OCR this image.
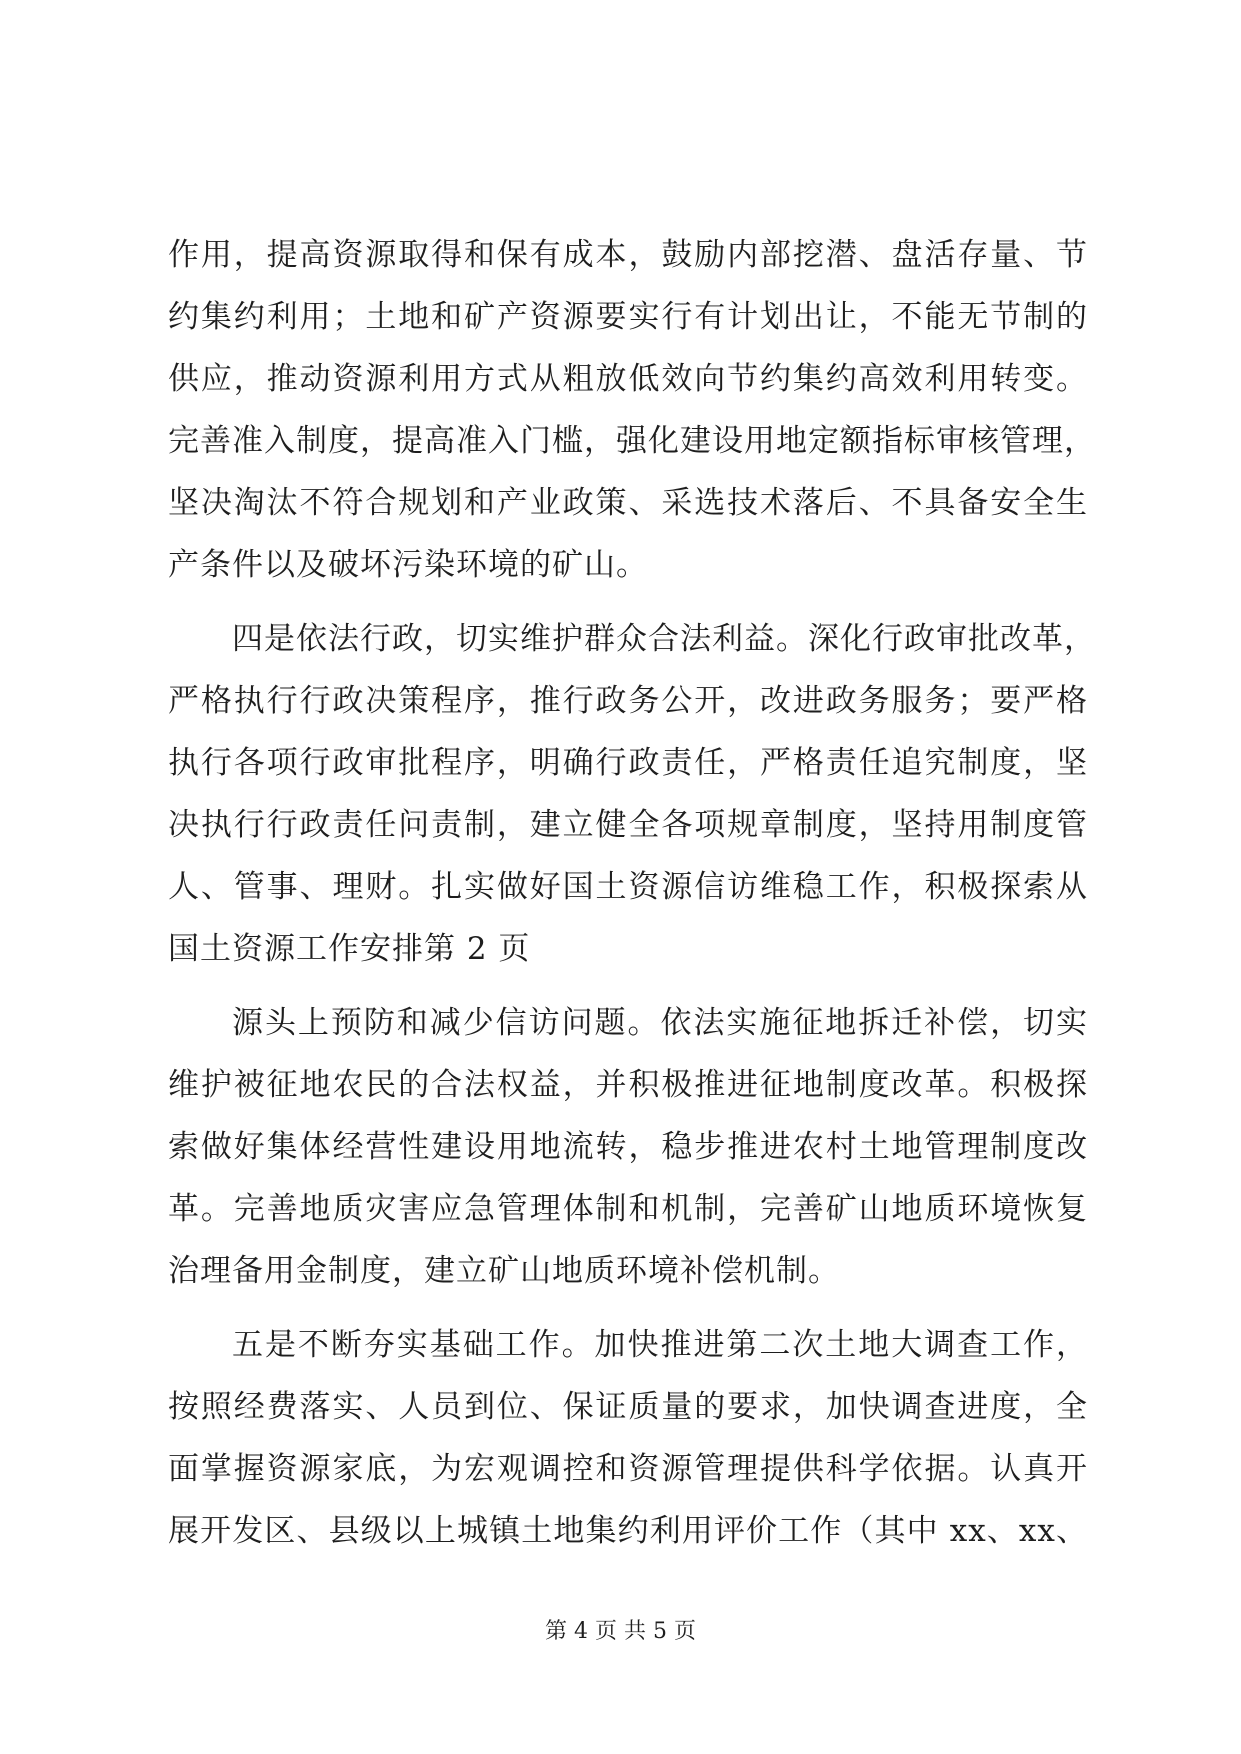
作用，提高资源取得和保有成本，鼓励内部挖潜、盘活存量、节
约集约利用；土地和矿产资源要实行有计划出让，不能无节制的
供应，推动资源利用方式从粗放低效向节约集约高效利用转变。
完善准入制度，提高准入门槛，强化建设用地定额指标审核管理，
坚决淘汰不符合规划和产业政策、采选技术落后、不具备安全生
产条件以及破坏污染环境的矿山。
四是依法行政，切实维护群众合法利益。深化行政审批改革，
严格执行行政决策程序，推行政务公开，改进政务服务；要严格
执行各项行政审批程序，明确行政责任，严格责任追究制度，坚
决执行行政责任问责制，建立健全各项规章制度，坚持用制度管
人、管事、理财。扎实做好国土资源信访维稳工作，积极探索从
国土资源工作安排第 2 页
源头上预防和减少信访问题。依法实施征地拆迁补偿，切实
维护被征地农民的合法权益，并积极推进征地制度改革。积极探
索做好集体经营性建设用地流转，稳步推进农村土地管理制度改
革。完善地质灾害应急管理体制和机制，完善矿山地质环境恢复
治理备用金制度，建立矿山地质环境补偿机制。
五是不断夯实基础工作。加快推进第二次土地大调查工作，
按照经费落实、人员到位、保证质量的要求，加快调查进度，全
面掌握资源家底，为宏观调控和资源管理提供科学依据。认真开
展开发区、县级以上城镇土地集约利用评价工作（其中 xx、xx、
第 4 页 共 5 页
